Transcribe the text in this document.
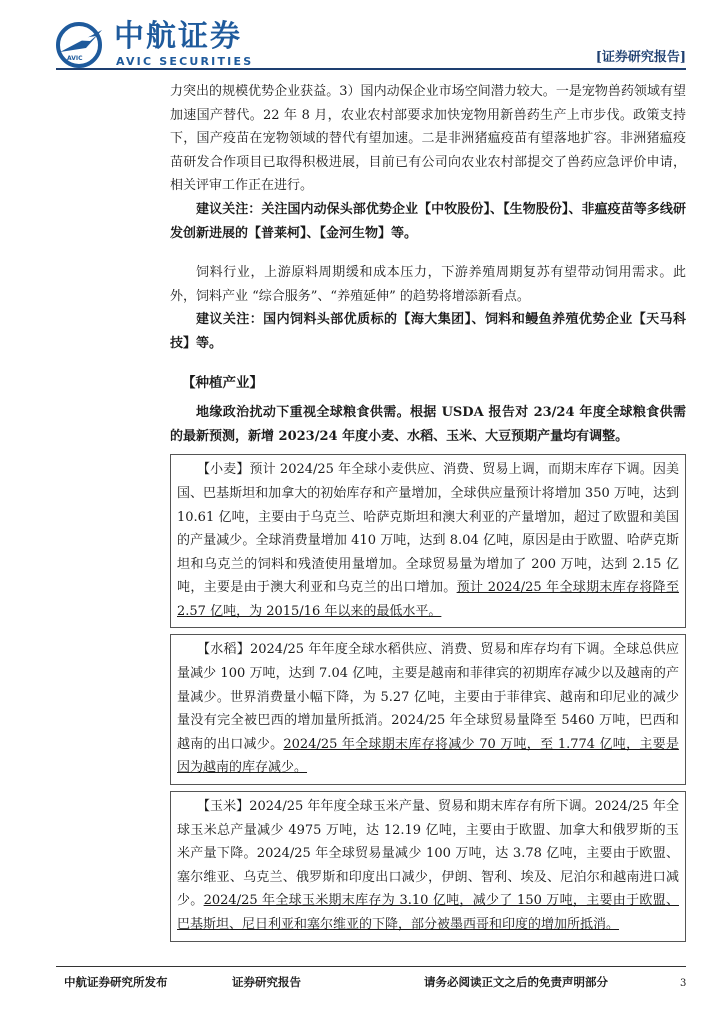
AVIC
中航证券
AVIC SECURITIES	[证券研究报告]

力突出的规模优势企业获益。3）国内动保企业市场空间潜力较大。一是宠物兽药领域有望加速国产替代。22 年 8 月，农业农村部要求加快宠物用新兽药生产上市步伐。政策支持下，国产疫苗在宠物领域的替代有望加速。二是非洲猪瘟疫苗有望落地扩容。非洲猪瘟疫苗研发合作项目已取得积极进展，目前已有公司向农业农村部提交了兽药应急评价申请，相关评审工作正在进行。

建议关注：关注国内动保头部优势企业【中牧股份】、【生物股份】、非瘟疫苗等多线研发创新进展的【普莱柯】、【金河生物】等。

饲料行业，上游原料周期缓和成本压力，下游养殖周期复苏有望带动饲用需求。此外，饲料产业 “综合服务”、“养殖延伸” 的趋势将增添新看点。

建议关注：国内饲料头部优质标的【海大集团】、饲料和鳗鱼养殖优势企业【天马科技】等。

【种植产业】

地缘政治扰动下重视全球粮食供需。根据 USDA 报告对 23/24 年度全球粮食供需的最新预测，新增 2023/24 年度小麦、水稻、玉米、大豆预期产量均有调整。

【小麦】预计 2024/25 年全球小麦供应、消费、贸易上调，而期末库存下调。因美国、巴基斯坦和加拿大的初始库存和产量增加，全球供应量预计将增加 350 万吨，达到10.61 亿吨，主要由于乌克兰、哈萨克斯坦和澳大利亚的产量增加，超过了欧盟和美国的产量减少。全球消费量增加 410 万吨，达到 8.04 亿吨，原因是由于欧盟、哈萨克斯坦和乌克兰的饲料和残渣使用量增加。全球贸易量为增加了 200 万吨，达到 2.15 亿吨，主要是由于澳大利亚和乌克兰的出口增加。预计 2024/25 年全球期末库存将降至 2.57 亿吨，为 2015/16 年以来的最低水平。

【水稻】2024/25 年年度全球水稻供应、消费、贸易和库存均有下调。全球总供应量减少 100 万吨，达到 7.04 亿吨，主要是越南和菲律宾的初期库存减少以及越南的产量减少。世界消费量小幅下降，为 5.27 亿吨，主要由于菲律宾、越南和印尼业的减少量没有完全被巴西的增加量所抵消。2024/25 年全球贸易量降至 5460 万吨，巴西和越南的出口减少。2024/25 年全球期末库存将减少 70 万吨，至 1.774 亿吨，主要是因为越南的库存减少。

【玉米】2024/25 年年度全球玉米产量、贸易和期末库存有所下调。2024/25 年全球玉米总产量减少 4975 万吨，达 12.19 亿吨，主要由于欧盟、加拿大和俄罗斯的玉米产量下降。2024/25 年全球贸易量减少 100 万吨，达 3.78 亿吨，主要由于欧盟、塞尔维亚、乌克兰、俄罗斯和印度出口减少，伊朗、智利、埃及、尼泊尔和越南进口减少。2024/25 年全球玉米期末库存为 3.10 亿吨，减少了 150 万吨，主要由于欧盟、巴基斯坦、尼日利亚和塞尔维亚的下降，部分被墨西哥和印度的增加所抵消。

中航证券研究所发布	证券研究报告	请务必阅读正文之后的免责声明部分	3
